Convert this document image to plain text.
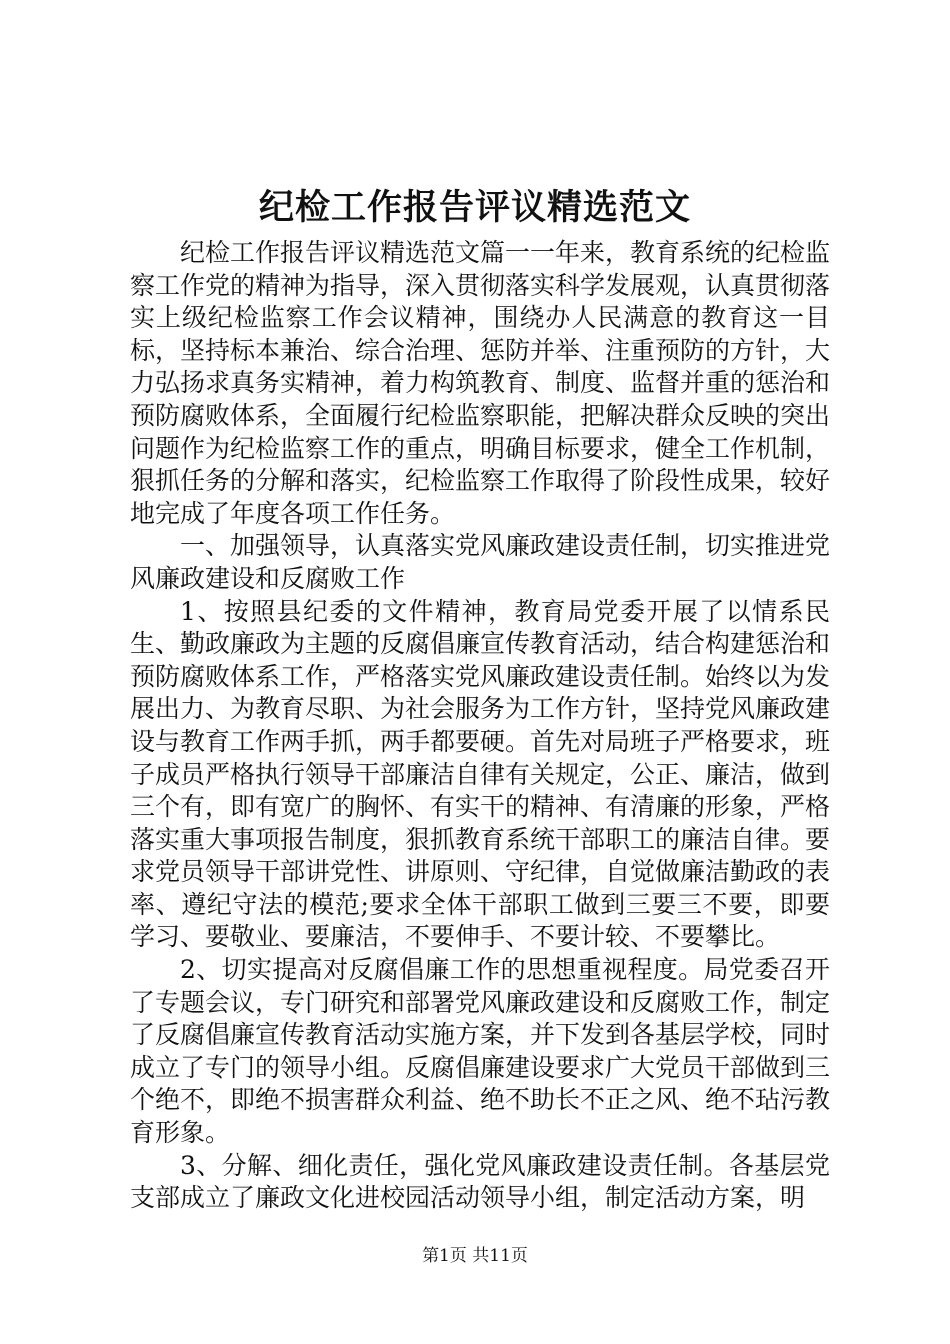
纪检工作报告评议精选范文

纪检工作报告评议精选范文篇一一年来，教育系统的纪检监察工作党的精神为指导，深入贯彻落实科学发展观，认真贯彻落实上级纪检监察工作会议精神，围绕办人民满意的教育这一目标，坚持标本兼治、综合治理、惩防并举、注重预防的方针，大力弘扬求真务实精神，着力构筑教育、制度、监督并重的惩治和预防腐败体系，全面履行纪检监察职能，把解决群众反映的突出问题作为纪检监察工作的重点，明确目标要求，健全工作机制，狠抓任务的分解和落实，纪检监察工作取得了阶段性成果，较好地完成了年度各项工作任务。

一、加强领导，认真落实党风廉政建设责任制，切实推进党风廉政建设和反腐败工作

1、按照县纪委的文件精神，教育局党委开展了以情系民生、勤政廉政为主题的反腐倡廉宣传教育活动，结合构建惩治和预防腐败体系工作，严格落实党风廉政建设责任制。始终以为发展出力、为教育尽职、为社会服务为工作方针，坚持党风廉政建设与教育工作两手抓，两手都要硬。首先对局班子严格要求，班子成员严格执行领导干部廉洁自律有关规定，公正、廉洁，做到三个有，即有宽广的胸怀、有实干的精神、有清廉的形象，严格落实重大事项报告制度，狠抓教育系统干部职工的廉洁自律。要求党员领导干部讲党性、讲原则、守纪律，自觉做廉洁勤政的表率、遵纪守法的模范;要求全体干部职工做到三要三不要，即要学习、要敬业、要廉洁，不要伸手、不要计较、不要攀比。

2、切实提高对反腐倡廉工作的思想重视程度。局党委召开了专题会议，专门研究和部署党风廉政建设和反腐败工作，制定了反腐倡廉宣传教育活动实施方案，并下发到各基层学校，同时成立了专门的领导小组。反腐倡廉建设要求广大党员干部做到三个绝不，即绝不损害群众利益、绝不助长不正之风、绝不玷污教育形象。

3、分解、细化责任，强化党风廉政建设责任制。各基层党支部成立了廉政文化进校园活动领导小组，制定活动方案，明

第1页 共11页
